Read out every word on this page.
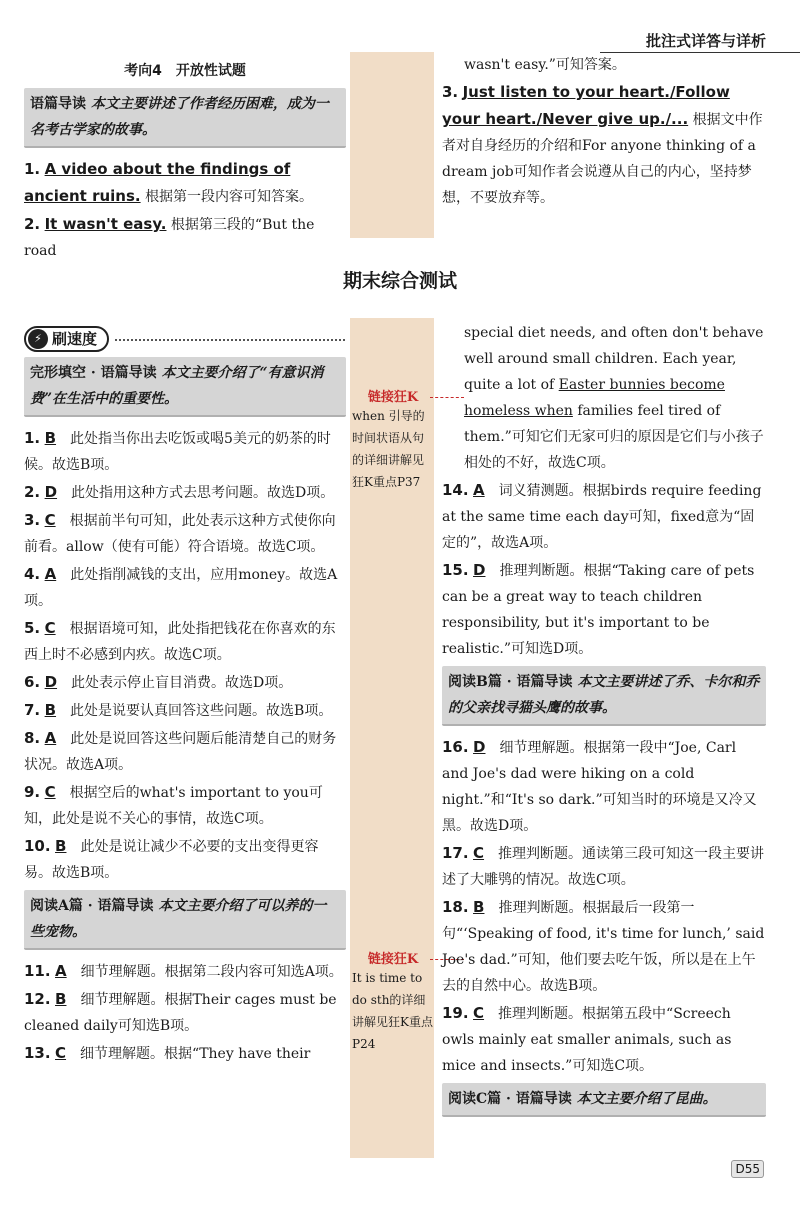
批注式详答与详析
考向4　开放性试题
语篇导读 本文主要讲述了作者经历困难，成为一名考古学家的故事。
1. A video about the findings of ancient ruins. 根据第一段内容可知答案。
2. It wasn't easy. 根据第三段的“But the road
wasn't easy.”可知答案。
3. Just listen to your heart./Follow your heart./Never give up./... 根据文中作者对自身经历的介绍和For anyone thinking of a dream job可知作者会说遵从自己的内心，坚持梦想，不要放弃等。
期末综合测试
⚡ 刷速度
完形填空 · 语篇导读 本文主要介绍了“有意识消费”在生活中的重要性。
1. B　 此处指当你出去吃饭或喝5美元的奶茶的时候。故选B项。
2. D　 此处指用这种方式去思考问题。故选D项。
3. C　 根据前半句可知，此处表示这种方式使你向前看。allow（使有可能）符合语境。故选C项。
4. A　 此处指削减钱的支出，应用money。故选A项。
5. C　 根据语境可知，此处指把钱花在你喜欢的东西上时不必感到内疚。故选C项。
6. D　 此处表示停止盲目消费。故选D项。
7. B　 此处是说要认真回答这些问题。故选B项。
8. A　 此处是说回答这些问题后能清楚自己的财务状况。故选A项。
9. C　 根据空后的what's important to you可知，此处是说不关心的事情，故选C项。
10. B　 此处是说让减少不必要的支出变得更容易。故选B项。
阅读A篇 · 语篇导读 本文主要介绍了可以养的一些宠物。
11. A　 细节理解题。根据第二段内容可知选A项。
12. B　 细节理解题。根据Their cages must be cleaned daily可知选B项。
13. C　 细节理解题。根据“They have their
链接狂K
when 引导的时间状语从句的详细讲解见狂K重点P37
链接狂K
It is time to do sth的详细讲解见狂K重点P24
special diet needs, and often don't behave well around small children. Each year, quite a lot of Easter bunnies become homeless when families feel tired of them.”可知它们无家可归的原因是它们与小孩子相处的不好，故选C项。
14. A　 词义猜测题。根据birds require feeding at the same time each day可知，fixed意为“固定的”，故选A项。
15. D　 推理判断题。根据“Taking care of pets can be a great way to teach children responsibility, but it's important to be realistic.”可知选D项。
阅读B篇 · 语篇导读 本文主要讲述了乔、卡尔和乔的父亲找寻猫头鹰的故事。
16. D　 细节理解题。根据第一段中“Joe, Carl and Joe's dad were hiking on a cold night.”和“It's so dark.”可知当时的环境是又冷又黑。故选D项。
17. C　 推理判断题。通读第三段可知这一段主要讲述了大雕鸮的情况。故选C项。
18. B　 推理判断题。根据最后一段第一句“‘Speaking of food, it's time for lunch,’ said Joe's dad.”可知，他们要去吃午饭，所以是在上午去的自然中心。故选B项。
19. C　 推理判断题。根据第五段中“Screech owls mainly eat smaller animals, such as mice and insects.”可知选C项。
阅读C篇 · 语篇导读 本文主要介绍了昆曲。
D55
